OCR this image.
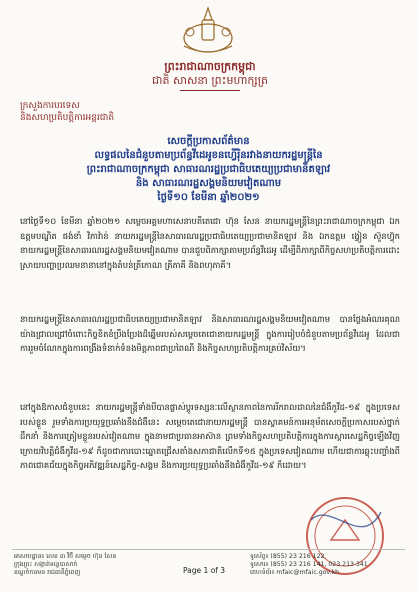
ព្រះរាជាណាចក្រកម្ពុជា
ជាតិ សាសនា ព្រះមហាក្សត្រ
ក្រសួងការបរទេស
និងសហប្រតិបត្តិការអន្តរជាតិ
សេចក្តីប្រកាសព័ត៌មាន
លទ្ធផលនៃជំនួបតាមប្រព័ន្ធវីដេអូខនហ្វើរ៉ិនរវាងនាយករដ្ឋមន្ត្រីនៃ
ព្រះរាជាណាចក្រកម្ពុជា សាធារណរដ្ឋប្រជាធិបតេយ្យប្រជាមានិតឡាវ
និង សាធារណរដ្ឋសង្គមនិយមវៀតណាម
ថ្ងៃទី១០ ខែមីនា ឆ្នាំ២០២១
នៅថ្ងៃទី១០ ខែមីនា ឆ្នាំ២០២១ សម្តេចអគ្គមហាសេនាបតីតេជោ ហ៊ុន សែន នាយករដ្ឋមន្ត្រីនៃព្រះរាជាណាចក្រកម្ពុជា ឯកឧត្តមបណ្ឌិត ផង់ខាំ វិភាវ៉ាន់ នាយករដ្ឋមន្ត្រីនៃសាធារណរដ្ឋប្រជាធិបតេយ្យប្រជាមានិតឡាវ និង ឯកឧត្តម ង្វៀន ស៊ួនហ៊្វុក នាយករដ្ឋមន្ត្រីនៃសាធារណរដ្ឋសង្គមនិយមវៀតណាម បានជួបពិភាក្សាតាមប្រព័ន្ធវីដេអូ ដើម្បីពិភាក្សាពីកិច្ចសហប្រតិបត្តិការដោះស្រាយបញ្ហាប្រឈមនានានៅក្នុងតំបន់ត្រីកោណ គ្រីភាគី និងពហុភាគី។
នាយករដ្ឋមន្ត្រីនៃសាធារណរដ្ឋប្រជាធិបតេយ្យប្រជាមានិតឡាវ និងសាធារណរដ្ឋសង្គមនិយមវៀតណាម បានថ្លែងអំណរគុណយ៉ាងជ្រាលជ្រៅចំពោះកិច្ចខិតខំប្រឹងប្រែងដ៏ឆ្នើមរបស់សម្តេចតេជោនាយករដ្ឋមន្ត្រី ក្នុងការរៀបចំជំនួបតាមប្រព័ន្ធវីដេអូ ដែលជាការរួមចំណែកក្នុងការពង្រឹងទំនាក់ទំនងមិត្តភាពជាប្រពៃណី និងកិច្ចសហប្រតិបត្តិការគ្រប់វិស័យ។
នៅក្នុងឱកាសជំនួបនេះ នាយករដ្ឋមន្ត្រីទាំងបីបានផ្លាស់ប្តូរទស្សនៈលើស្ថានភាពនៃការរីករាលដាលនៃជំងឺកូវីដ-១៩ ក្នុងប្រទេសរបស់ខ្លួន រួមទាំងការប្រយុទ្ធប្រឆាំងនឹងជំងឺនេះ សម្តេចតេជោនាយករដ្ឋមន្ត្រី បានស្វាគមន៍ការអនុម័តសេចក្តីប្រកាសរបស់ថ្នាក់ដឹកនាំ និងការត្រៀមខ្លួនរបស់វៀតណាម ក្នុងនាមជាប្រធានអាស៊ាន ព្រមទាំងកិច្ចសហប្រតិបត្តិការក្នុងការស្តារសេដ្ឋកិច្ចឡើងវិញ ក្រោយវិបត្តិជំងឺកូវីដ-១៩ ក៏ដូចជាការបោះឆ្នោតជ្រើសតាំងសភាជាតិលើកទី១៥ ក្នុងប្រទេសវៀតណាម ហើយជាការឆ្លុះបញ្ចាំងពីភាពជោគជ័យក្នុងកិច្ចអភិវឌ្ឍន៍សេដ្ឋកិច្ច-សង្គម និងការប្រយុទ្ធប្រឆាំងនឹងជំងឺកូវីដ-១៩ ក៏ដោយ។
អាសយដ្ឋាន៖ លេខ ៣ វិថី សម្តេច ហ៊ុន សែន
ក្រុងព្រះ សង្កាត់ទន្លេបាសាក់
ខណ្ឌចំការមន រាជធានីភ្នំពេញ	Page 1 of 3
ទូរស័ព្ទ៖ (855) 23 216 122
ទូរសារ៖ (855) 23 216 141, 023 213 341
គេហទំព័រ៖ mfaic@mfaic.gov.kh
